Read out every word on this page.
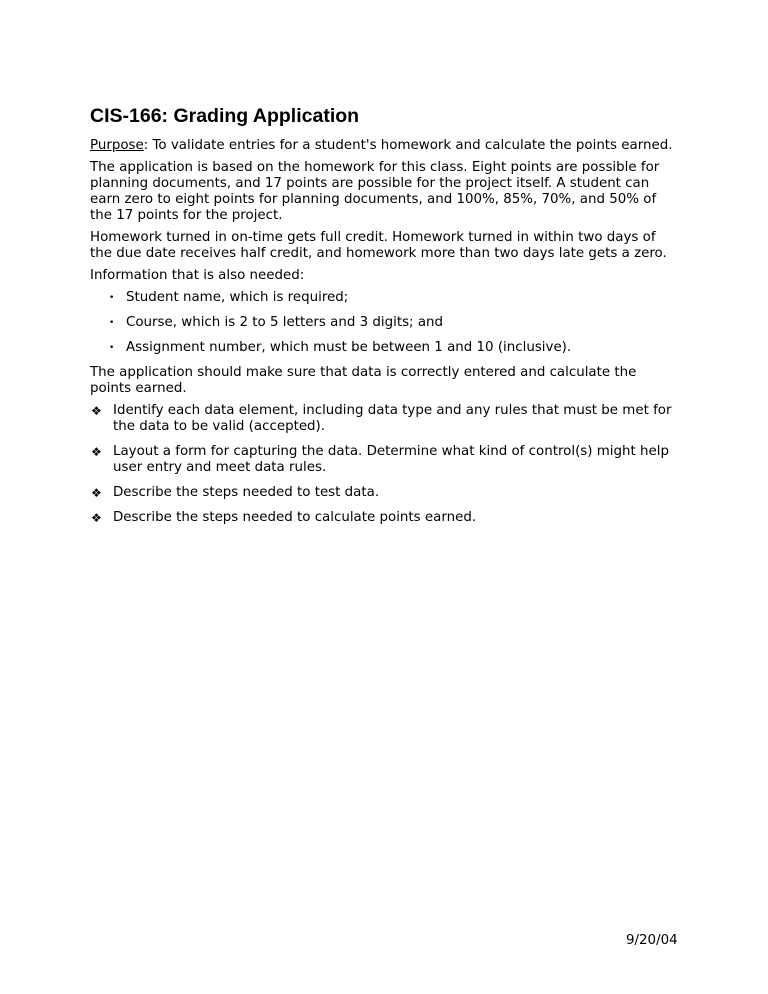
CIS-166: Grading Application

Purpose: To validate entries for a student's homework and calculate the points earned.

The application is based on the homework for this class. Eight points are possible for planning documents, and 17 points are possible for the project itself. A student can earn zero to eight points for planning documents, and 100%, 85%, 70%, and 50% of the 17 points for the project.

Homework turned in on-time gets full credit. Homework turned in within two days of the due date receives half credit, and homework more than two days late gets a zero.

Information that is also needed:

• Student name, which is required;
• Course, which is 2 to 5 letters and 3 digits; and
• Assignment number, which must be between 1 and 10 (inclusive).

The application should make sure that data is correctly entered and calculate the points earned.

❖ Identify each data element, including data type and any rules that must be met for the data to be valid (accepted).
❖ Layout a form for capturing the data. Determine what kind of control(s) might help user entry and meet data rules.
❖ Describe the steps needed to test data.
❖ Describe the steps needed to calculate points earned.
9/20/04
